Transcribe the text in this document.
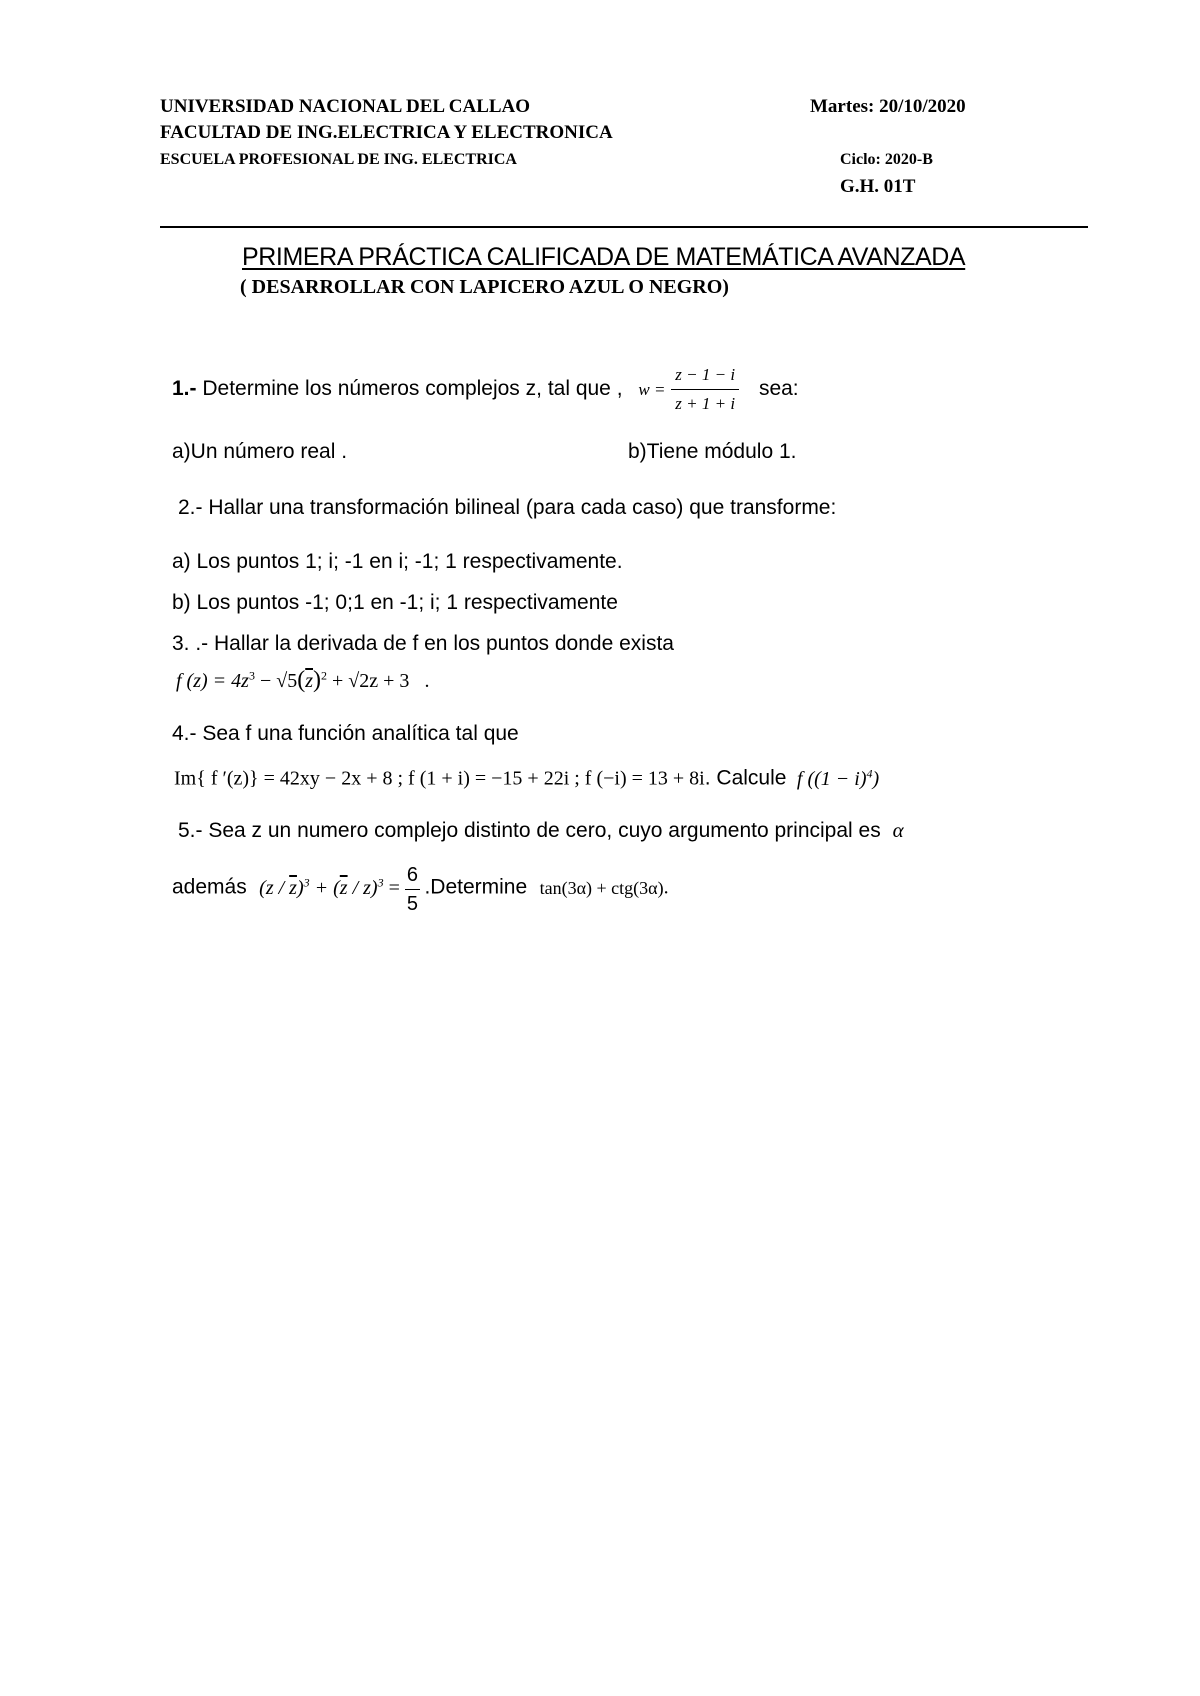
UNIVERSIDAD NACIONAL DEL CALLAO
FACULTAD DE ING.ELECTRICA Y ELECTRONICA
ESCUELA PROFESIONAL DE ING. ELECTRICA
Martes: 20/10/2020
Ciclo: 2020-B
G.H. 01T
PRIMERA PRÁCTICA CALIFICADA DE MATEMÁTICA AVANZADA
( DESARROLLAR CON LAPICERO AZUL O NEGRO)
1.- Determine los números complejos z, tal que , $w = \frac{z - 1 - i}{z + 1 + i}$ sea:
a)Un número real .	b)Tiene módulo 1.
2.- Hallar una transformación bilineal (para cada caso) que transforme:
a) Los puntos 1; i; -1 en i; -1; 1 respectivamente.
b) Los puntos -1; 0;1 en -1; i; 1 respectivamente
3. .- Hallar la derivada de f en los puntos donde exista
f $(z) = 4z^3 - √5(\overline{z})^2 + √2z + 3$ .
4.- Sea f una función analítica tal que
Im{ f ′(z)} = 42xy − 2x + 8 ; f (1 + i) = −15 + 22i ; f (−i) = 13 + 8i. Calcule f $((1 - i)^4)$
5.- Sea z un numero complejo distinto de cero, cuyo argumento principal es α
además $(z / \overline{z})^3 + (\overline{z} / z)^3 = \frac{6}{5}$ .Determine tan(3α) + ctg(3α).
